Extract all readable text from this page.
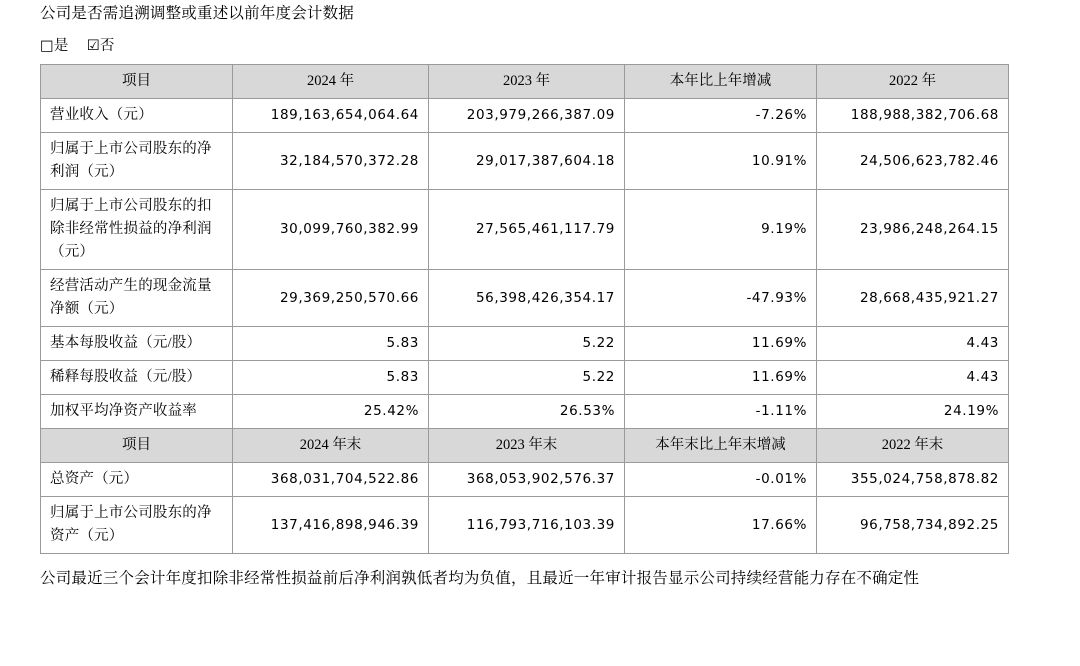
公司是否需追溯调整或重述以前年度会计数据
□是 ☑否
项目	2024 年	2023 年	本年比上年增减	2022 年
营业收入（元）	189,163,654,064.64	203,979,266,387.09	-7.26%	188,988,382,706.68
归属于上市公司股东的净利润（元）	32,184,570,372.28	29,017,387,604.18	10.91%	24,506,623,782.46
归属于上市公司股东的扣除非经常性损益的净利润（元）	30,099,760,382.99	27,565,461,117.79	9.19%	23,986,248,264.15
经营活动产生的现金流量净额（元）	29,369,250,570.66	56,398,426,354.17	-47.93%	28,668,435,921.27
基本每股收益（元/股）	5.83	5.22	11.69%	4.43
稀释每股收益（元/股）	5.83	5.22	11.69%	4.43
加权平均净资产收益率	25.42%	26.53%	-1.11%	24.19%
项目	2024 年末	2023 年末	本年末比上年末增减	2022 年末
总资产（元）	368,031,704,522.86	368,053,902,576.37	-0.01%	355,024,758,878.82
归属于上市公司股东的净资产（元）	137,416,898,946.39	116,793,716,103.39	17.66%	96,758,734,892.25
公司最近三个会计年度扣除非经常性损益前后净利润孰低者均为负值，且最近一年审计报告显示公司持续经营能力存在不确定性
